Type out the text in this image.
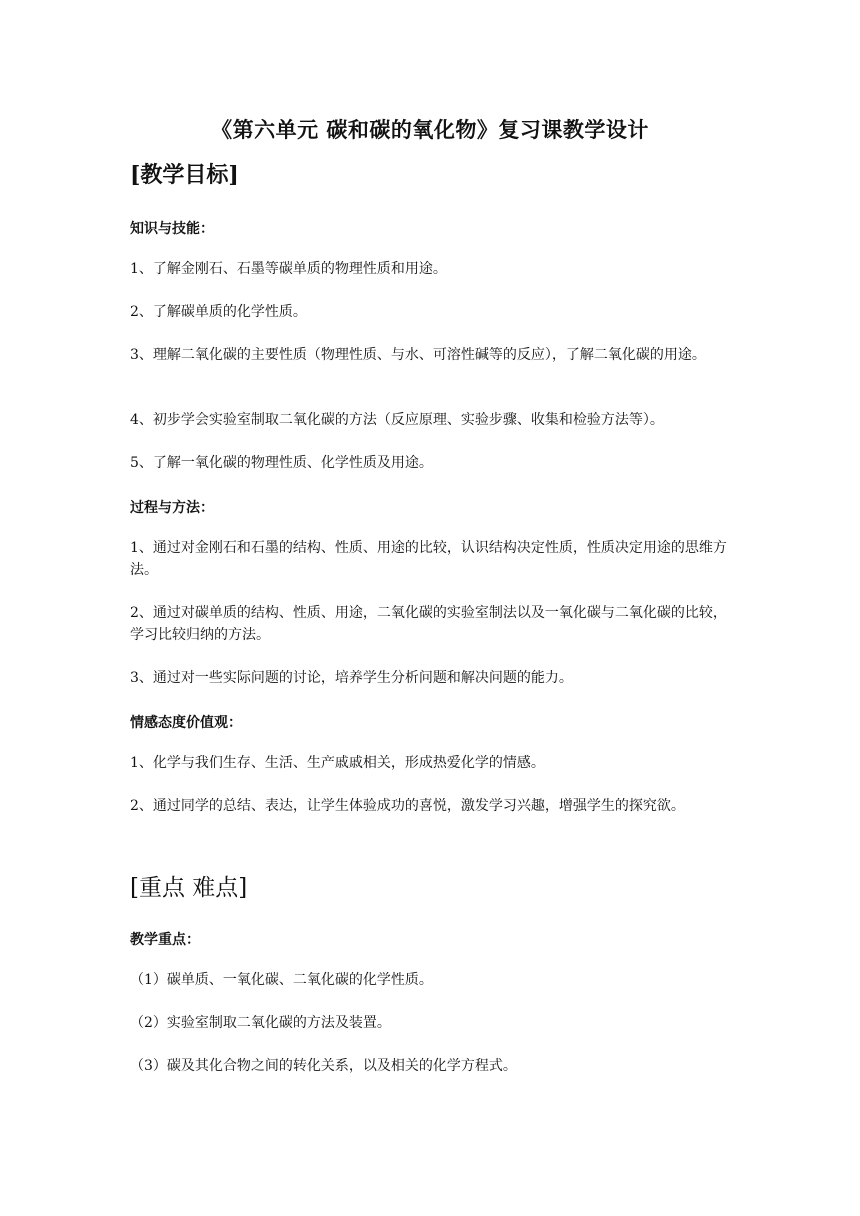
《第六单元 碳和碳的氧化物》复习课教学设计
[教学目标]
知识与技能：
1、了解金刚石、石墨等碳单质的物理性质和用途。
2、了解碳单质的化学性质。
3、理解二氧化碳的主要性质（物理性质、与水、可溶性碱等的反应），了解二氧化碳的用途。
4、初步学会实验室制取二氧化碳的方法（反应原理、实验步骤、收集和检验方法等）。
5、了解一氧化碳的物理性质、化学性质及用途。
过程与方法：
1、通过对金刚石和石墨的结构、性质、用途的比较，认识结构决定性质，性质决定用途的思维方法。
2、通过对碳单质的结构、性质、用途，二氧化碳的实验室制法以及一氧化碳与二氧化碳的比较，学习比较归纳的方法。
3、通过对一些实际问题的讨论，培养学生分析问题和解决问题的能力。
情感态度价值观：
1、化学与我们生存、生活、生产戚戚相关，形成热爱化学的情感。
2、通过同学的总结、表达，让学生体验成功的喜悦，激发学习兴趣，增强学生的探究欲。
[重点 难点]
教学重点：
（1）碳单质、一氧化碳、二氧化碳的化学性质。
（2）实验室制取二氧化碳的方法及装置。
（3）碳及其化合物之间的转化关系，以及相关的化学方程式。
